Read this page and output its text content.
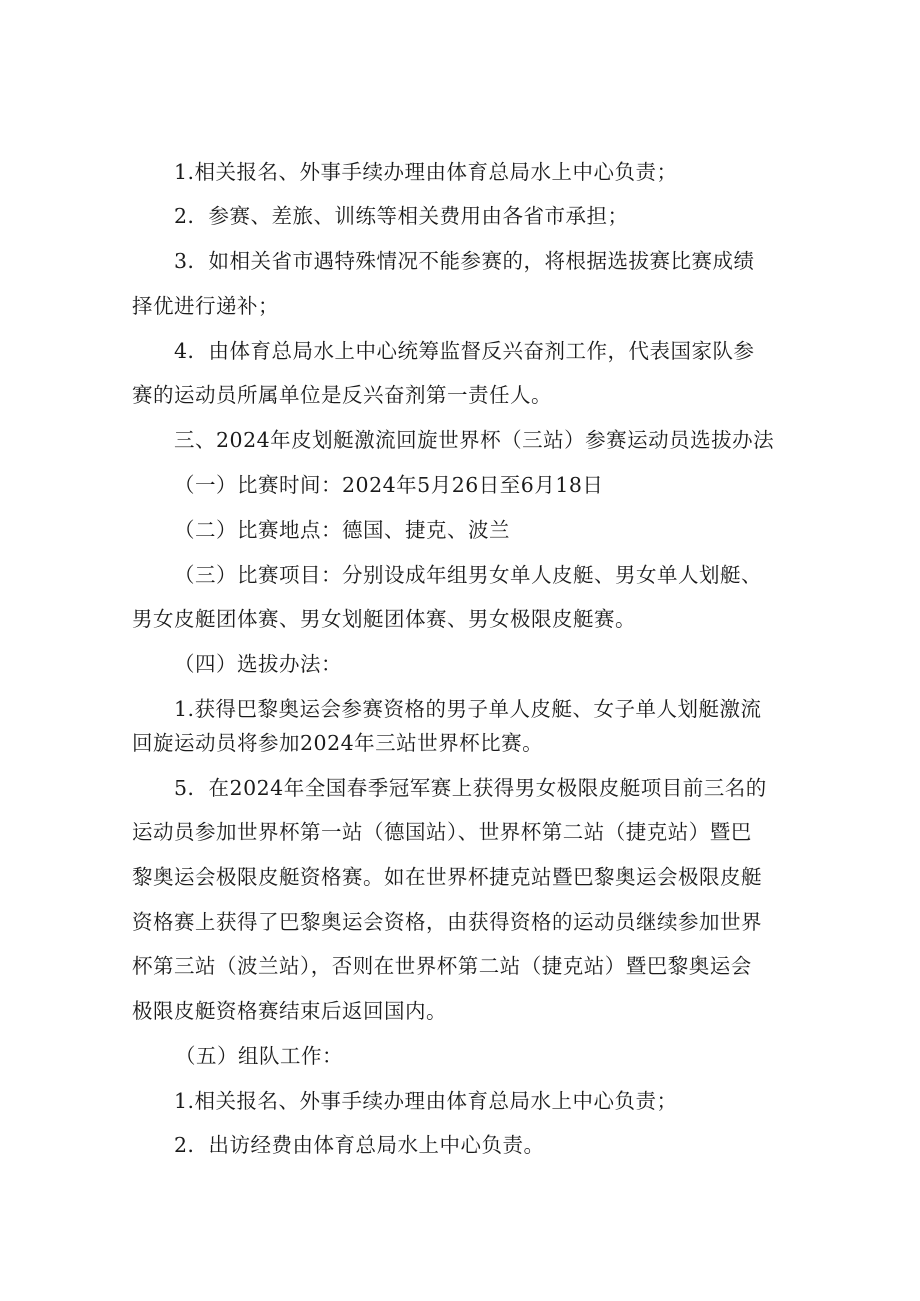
1.相关报名、外事手续办理由体育总局水上中心负责；
2．参赛、差旅、训练等相关费用由各省市承担；
3．如相关省市遇特殊情况不能参赛的，将根据选拔赛比赛成绩
择优进行递补；
4．由体育总局水上中心统筹监督反兴奋剂工作，代表国家队参
赛的运动员所属单位是反兴奋剂第一责任人。
三、2024年皮划艇激流回旋世界杯（三站）参赛运动员选拔办法
（一）比赛时间：2024年5月26日至6月18日
（二）比赛地点：德国、捷克、波兰
（三）比赛项目：分别设成年组男女单人皮艇、男女单人划艇、
男女皮艇团体赛、男女划艇团体赛、男女极限皮艇赛。
（四）选拔办法：
1.获得巴黎奥运会参赛资格的男子单人皮艇、女子单人划艇激流
回旋运动员将参加2024年三站世界杯比赛。
5．在2024年全国春季冠军赛上获得男女极限皮艇项目前三名的
运动员参加世界杯第一站（德国站）、世界杯第二站（捷克站）暨巴
黎奥运会极限皮艇资格赛。如在世界杯捷克站暨巴黎奥运会极限皮艇
资格赛上获得了巴黎奥运会资格，由获得资格的运动员继续参加世界
杯第三站（波兰站），否则在世界杯第二站（捷克站）暨巴黎奥运会
极限皮艇资格赛结束后返回国内。
（五）组队工作：
1.相关报名、外事手续办理由体育总局水上中心负责；
2．出访经费由体育总局水上中心负责。
